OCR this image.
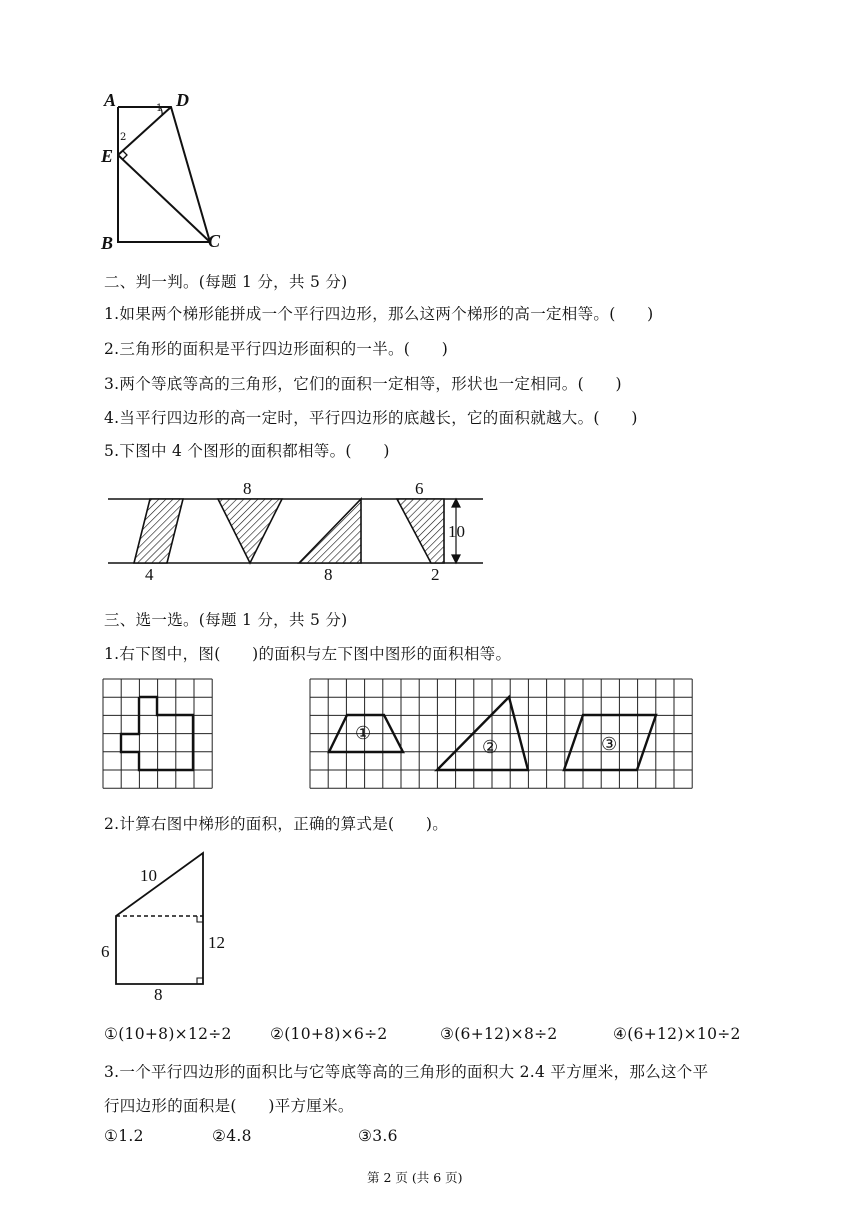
A	D
E
B	C
1
2
二、判一判。(每题 1 分，共 5 分)
1.如果两个梯形能拼成一个平行四边形，那么这两个梯形的高一定相等。(　　)
2.三角形的面积是平行四边形面积的一半。(　　)
3.两个等底等高的三角形，它们的面积一定相等，形状也一定相同。(　　)
4.当平行四边形的高一定时，平行四边形的底越长，它的面积就越大。(　　)
5.下图中 4 个图形的面积都相等。(　　)
8	6
10
4	8	2
三、选一选。(每题 1 分，共 5 分)
1.右下图中，图(　　)的面积与左下图中图形的面积相等。
①
②	③
2.计算右图中梯形的面积，正确的算式是(　　)。
10
6	12
8
①(10+8)×12÷2 ②(10+8)×6÷2	③(6+12)×8÷2	④(6+12)×10÷2
3.一个平行四边形的面积比与它等底等高的三角形的面积大 2.4 平方厘米，那么这个平
行四边形的面积是(　　)平方厘米。
①1.2	②4.8	③3.6
第 2 页 (共 6 页)
